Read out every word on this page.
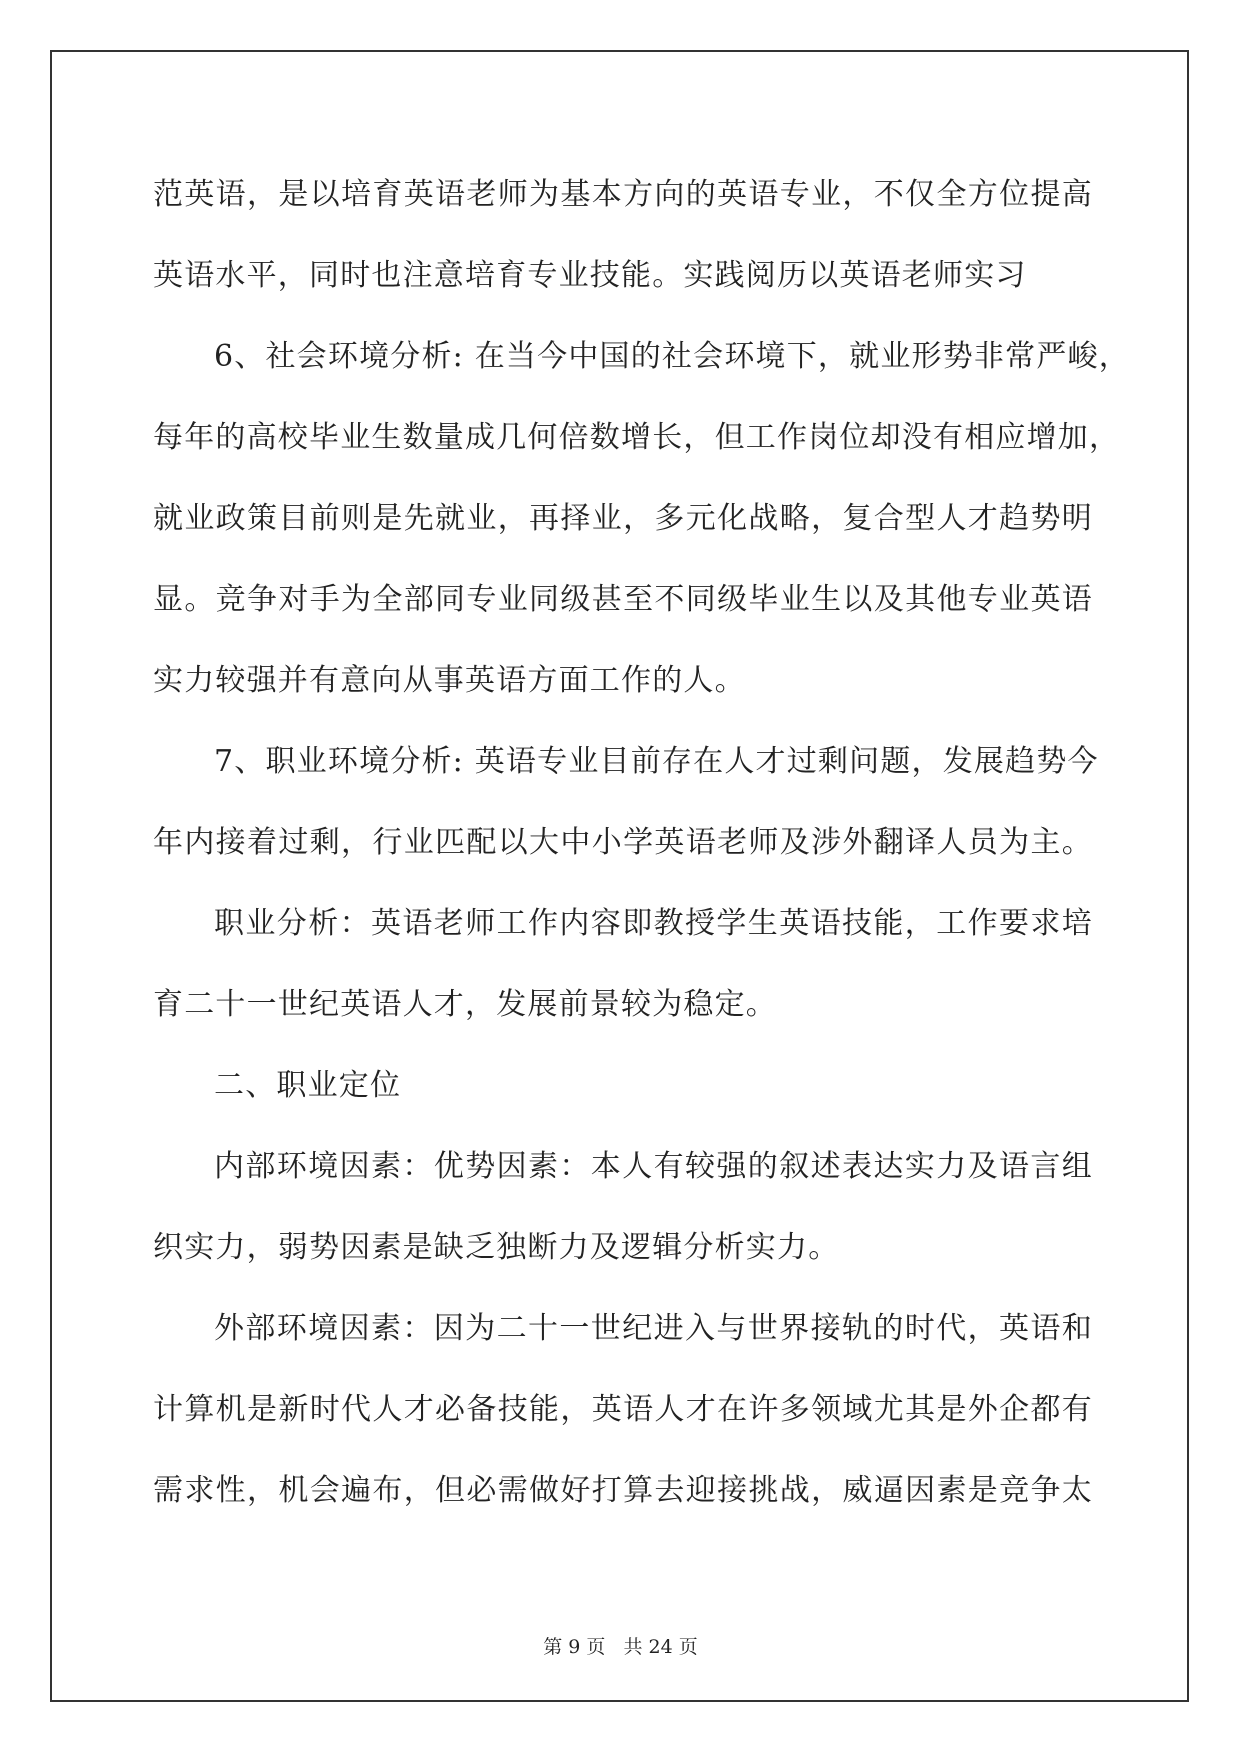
范英语，是以培育英语老师为基本方向的英语专业，不仅全方位提高
英语水平，同时也注意培育专业技能。实践阅历以英语老师实习
6、社会环境分析: 在当今中国的社会环境下，就业形势非常严峻，
每年的高校毕业生数量成几何倍数增长，但工作岗位却没有相应增加，
就业政策目前则是先就业，再择业，多元化战略，复合型人才趋势明
显。竞争对手为全部同专业同级甚至不同级毕业生以及其他专业英语
实力较强并有意向从事英语方面工作的人。
7、职业环境分析: 英语专业目前存在人才过剩问题，发展趋势今
年内接着过剩，行业匹配以大中小学英语老师及涉外翻译人员为主。
职业分析：英语老师工作内容即教授学生英语技能，工作要求培
育二十一世纪英语人才，发展前景较为稳定。
二、职业定位
内部环境因素：优势因素：本人有较强的叙述表达实力及语言组
织实力，弱势因素是缺乏独断力及逻辑分析实力。
外部环境因素：因为二十一世纪进入与世界接轨的时代，英语和
计算机是新时代人才必备技能，英语人才在许多领域尤其是外企都有
需求性，机会遍布，但必需做好打算去迎接挑战，威逼因素是竞争太
第 9 页 共 24 页
